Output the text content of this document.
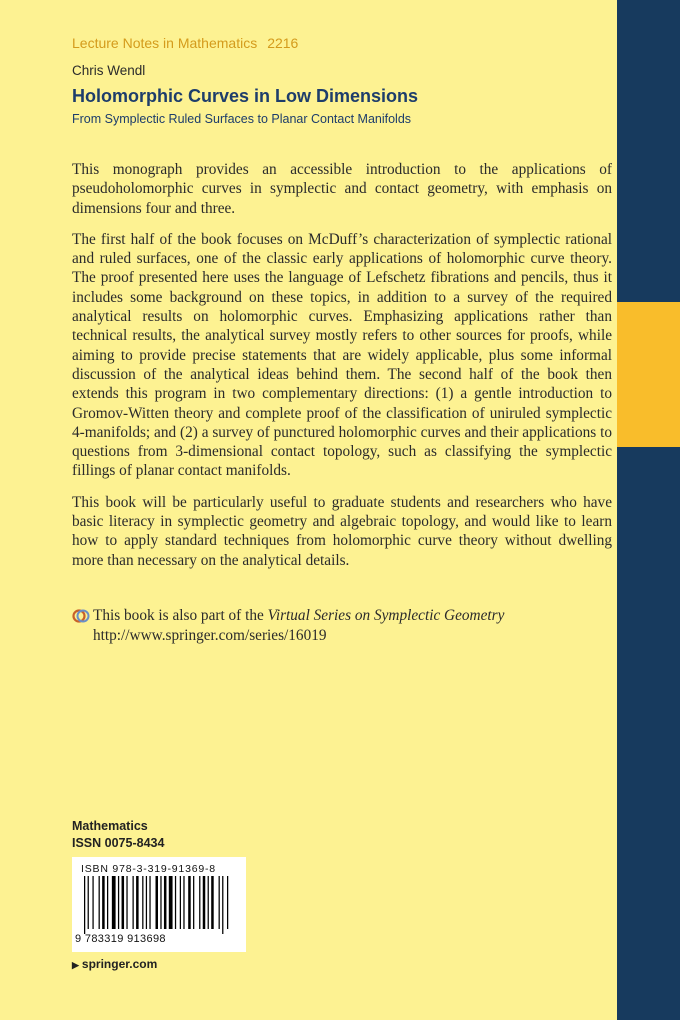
Lecture Notes in Mathematics 2216
Chris Wendl
Holomorphic Curves in Low Dimensions
From Symplectic Ruled Surfaces to Planar Contact Manifolds

This monograph provides an accessible introduction to the applications of pseudoholomorphic curves in symplectic and contact geometry, with emphasis on dimensions four and three.

The first half of the book focuses on McDuff’s characterization of symplectic rational and ruled surfaces, one of the classic early applications of holomorphic curve theory. The proof presented here uses the language of Lefschetz fibrations and pencils, thus it includes some background on these topics, in addition to a survey of the required analytical results on holomorphic curves. Emphasizing applications rather than technical results, the analytical survey mostly refers to other sources for proofs, while aiming to provide precise statements that are widely applicable, plus some informal discussion of the analytical ideas behind them. The second half of the book then extends this program in two complementary directions: (1) a gentle introduction to Gromov-Witten theory and complete proof of the classification of uniruled symplectic 4-manifolds; and (2) a survey of punctured holomorphic curves and their applications to questions from 3-dimensional contact topology, such as classifying the symplectic fillings of planar contact manifolds.

This book will be particularly useful to graduate students and researchers who have basic literacy in symplectic geometry and algebraic topology, and would like to learn how to apply standard techniques from holomorphic curve theory without dwelling more than necessary on the analytical details.

This book is also part of the Virtual Series on Symplectic Geometry
http://www.springer.com/series/16019
Mathematics
ISSN 0075-8434
ISBN 978-3-319-91369-8
9 783319 913698
▶ springer.com
